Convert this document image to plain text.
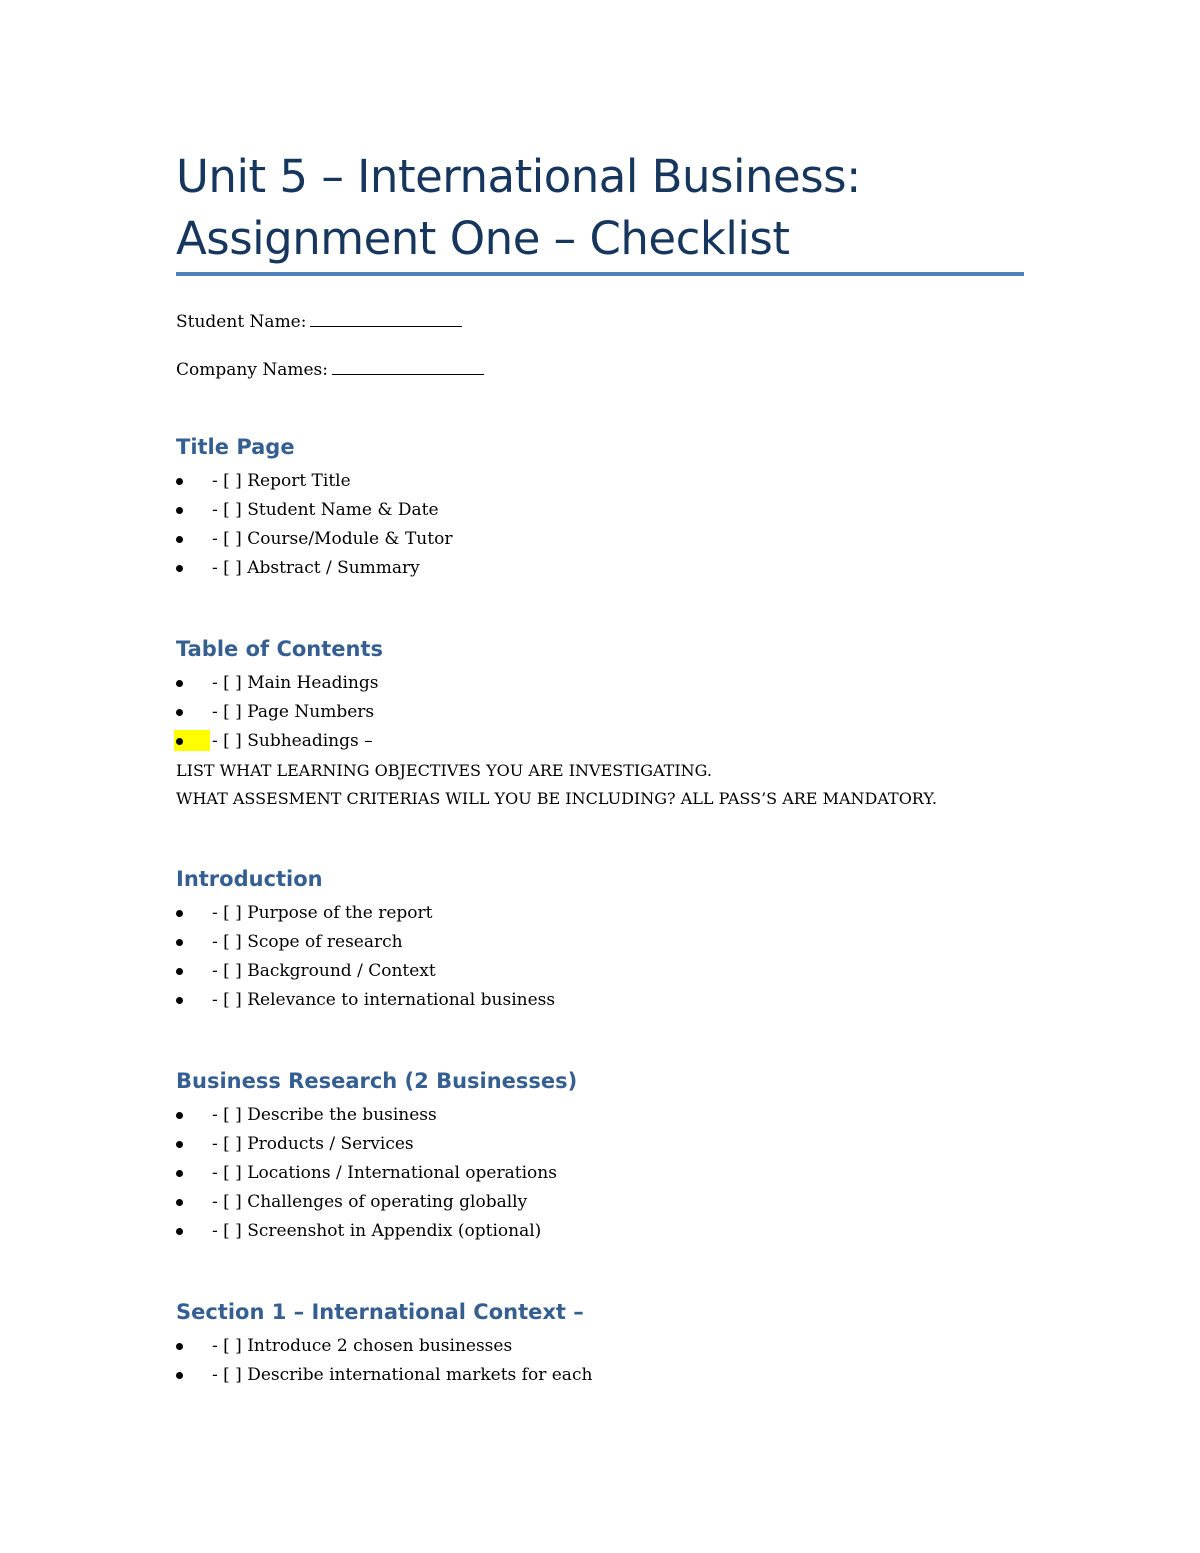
Unit 5 – International Business:
Assignment One – Checklist
Student Name:
Company Names:
Title Page
- [ ] Report Title
- [ ] Student Name & Date
- [ ] Course/Module & Tutor
- [ ] Abstract / Summary
Table of Contents
- [ ] Main Headings
- [ ] Page Numbers
- [ ] Subheadings –
LIST WHAT LEARNING OBJECTIVES YOU ARE INVESTIGATING.
WHAT ASSESMENT CRITERIAS WILL YOU BE INCLUDING? ALL PASS’S ARE MANDATORY.
Introduction
- [ ] Purpose of the report
- [ ] Scope of research
- [ ] Background / Context
- [ ] Relevance to international business
Business Research (2 Businesses)
- [ ] Describe the business
- [ ] Products / Services
- [ ] Locations / International operations
- [ ] Challenges of operating globally
- [ ] Screenshot in Appendix (optional)
Section 1 – International Context –
- [ ] Introduce 2 chosen businesses
- [ ] Describe international markets for each
